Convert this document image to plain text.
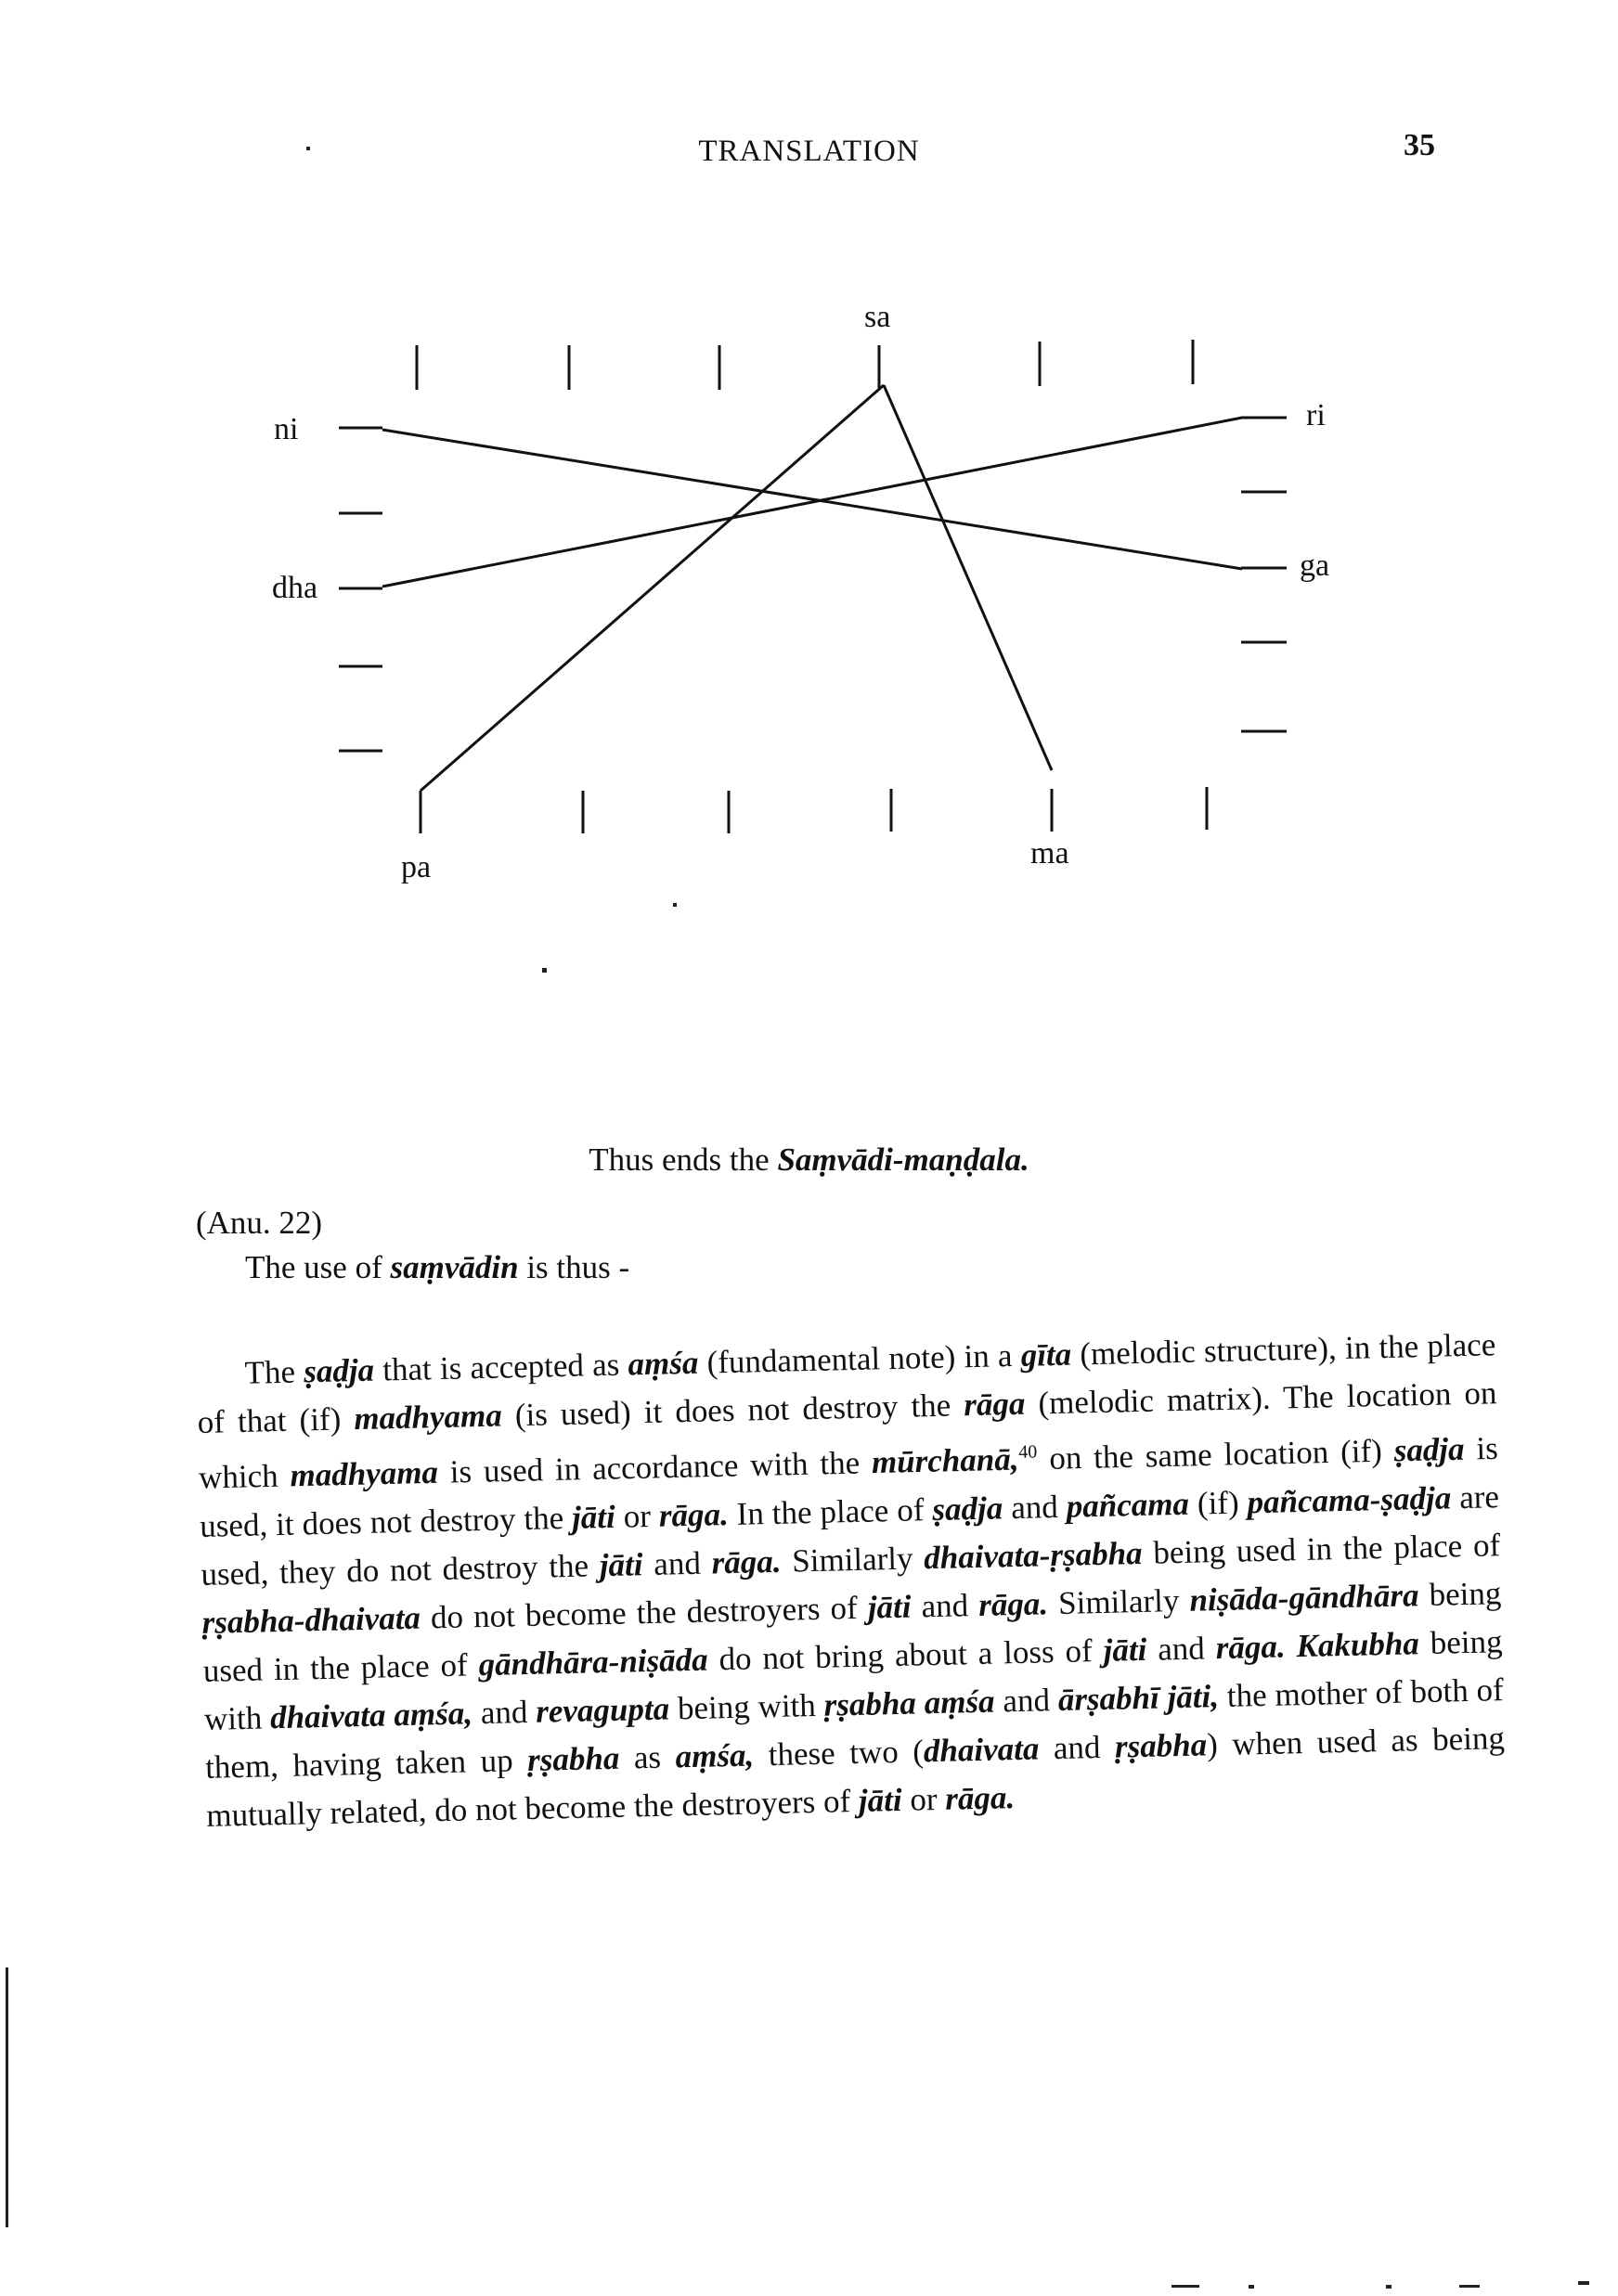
TRANSLATION	35
sa
ni
dha
ri
ga
pa	ma
Thus ends the Saṃvādi-maṇḍala.
(Anu. 22)
The use of saṃvādin is thus -
The ṣaḍja that is accepted as aṃśa (fundamental note) in a gīta (melodic structure), in the place of that (if) madhyama (is used) it does not destroy the rāga (melodic matrix). The location on which madhyama is used in accordance with the mūrchanā,$^{40}$ on the same location (if) ṣaḍja is used, it does not destroy the jāti or rāga. In the place of ṣaḍja and pañcama (if) pañcama-ṣaḍja are used, they do not destroy the jāti and rāga. Similarly dhaivata-ṛṣabha being used in the place of ṛṣabha-dhaivata do not become the destroyers of jāti and rāga. Similarly niṣāda-gāndhāra being used in the place of gāndhāra-niṣāda do not bring about a loss of jāti and rāga. Kakubha being with dhaivata aṃśa, and revagupta being with ṛṣabha aṃśa and ārṣabhī jāti, the mother of both of them, having taken up ṛṣabha as aṃśa, these two (dhaivata and ṛṣabha) when used as being mutually related, do not become the destroyers of jāti or rāga.
